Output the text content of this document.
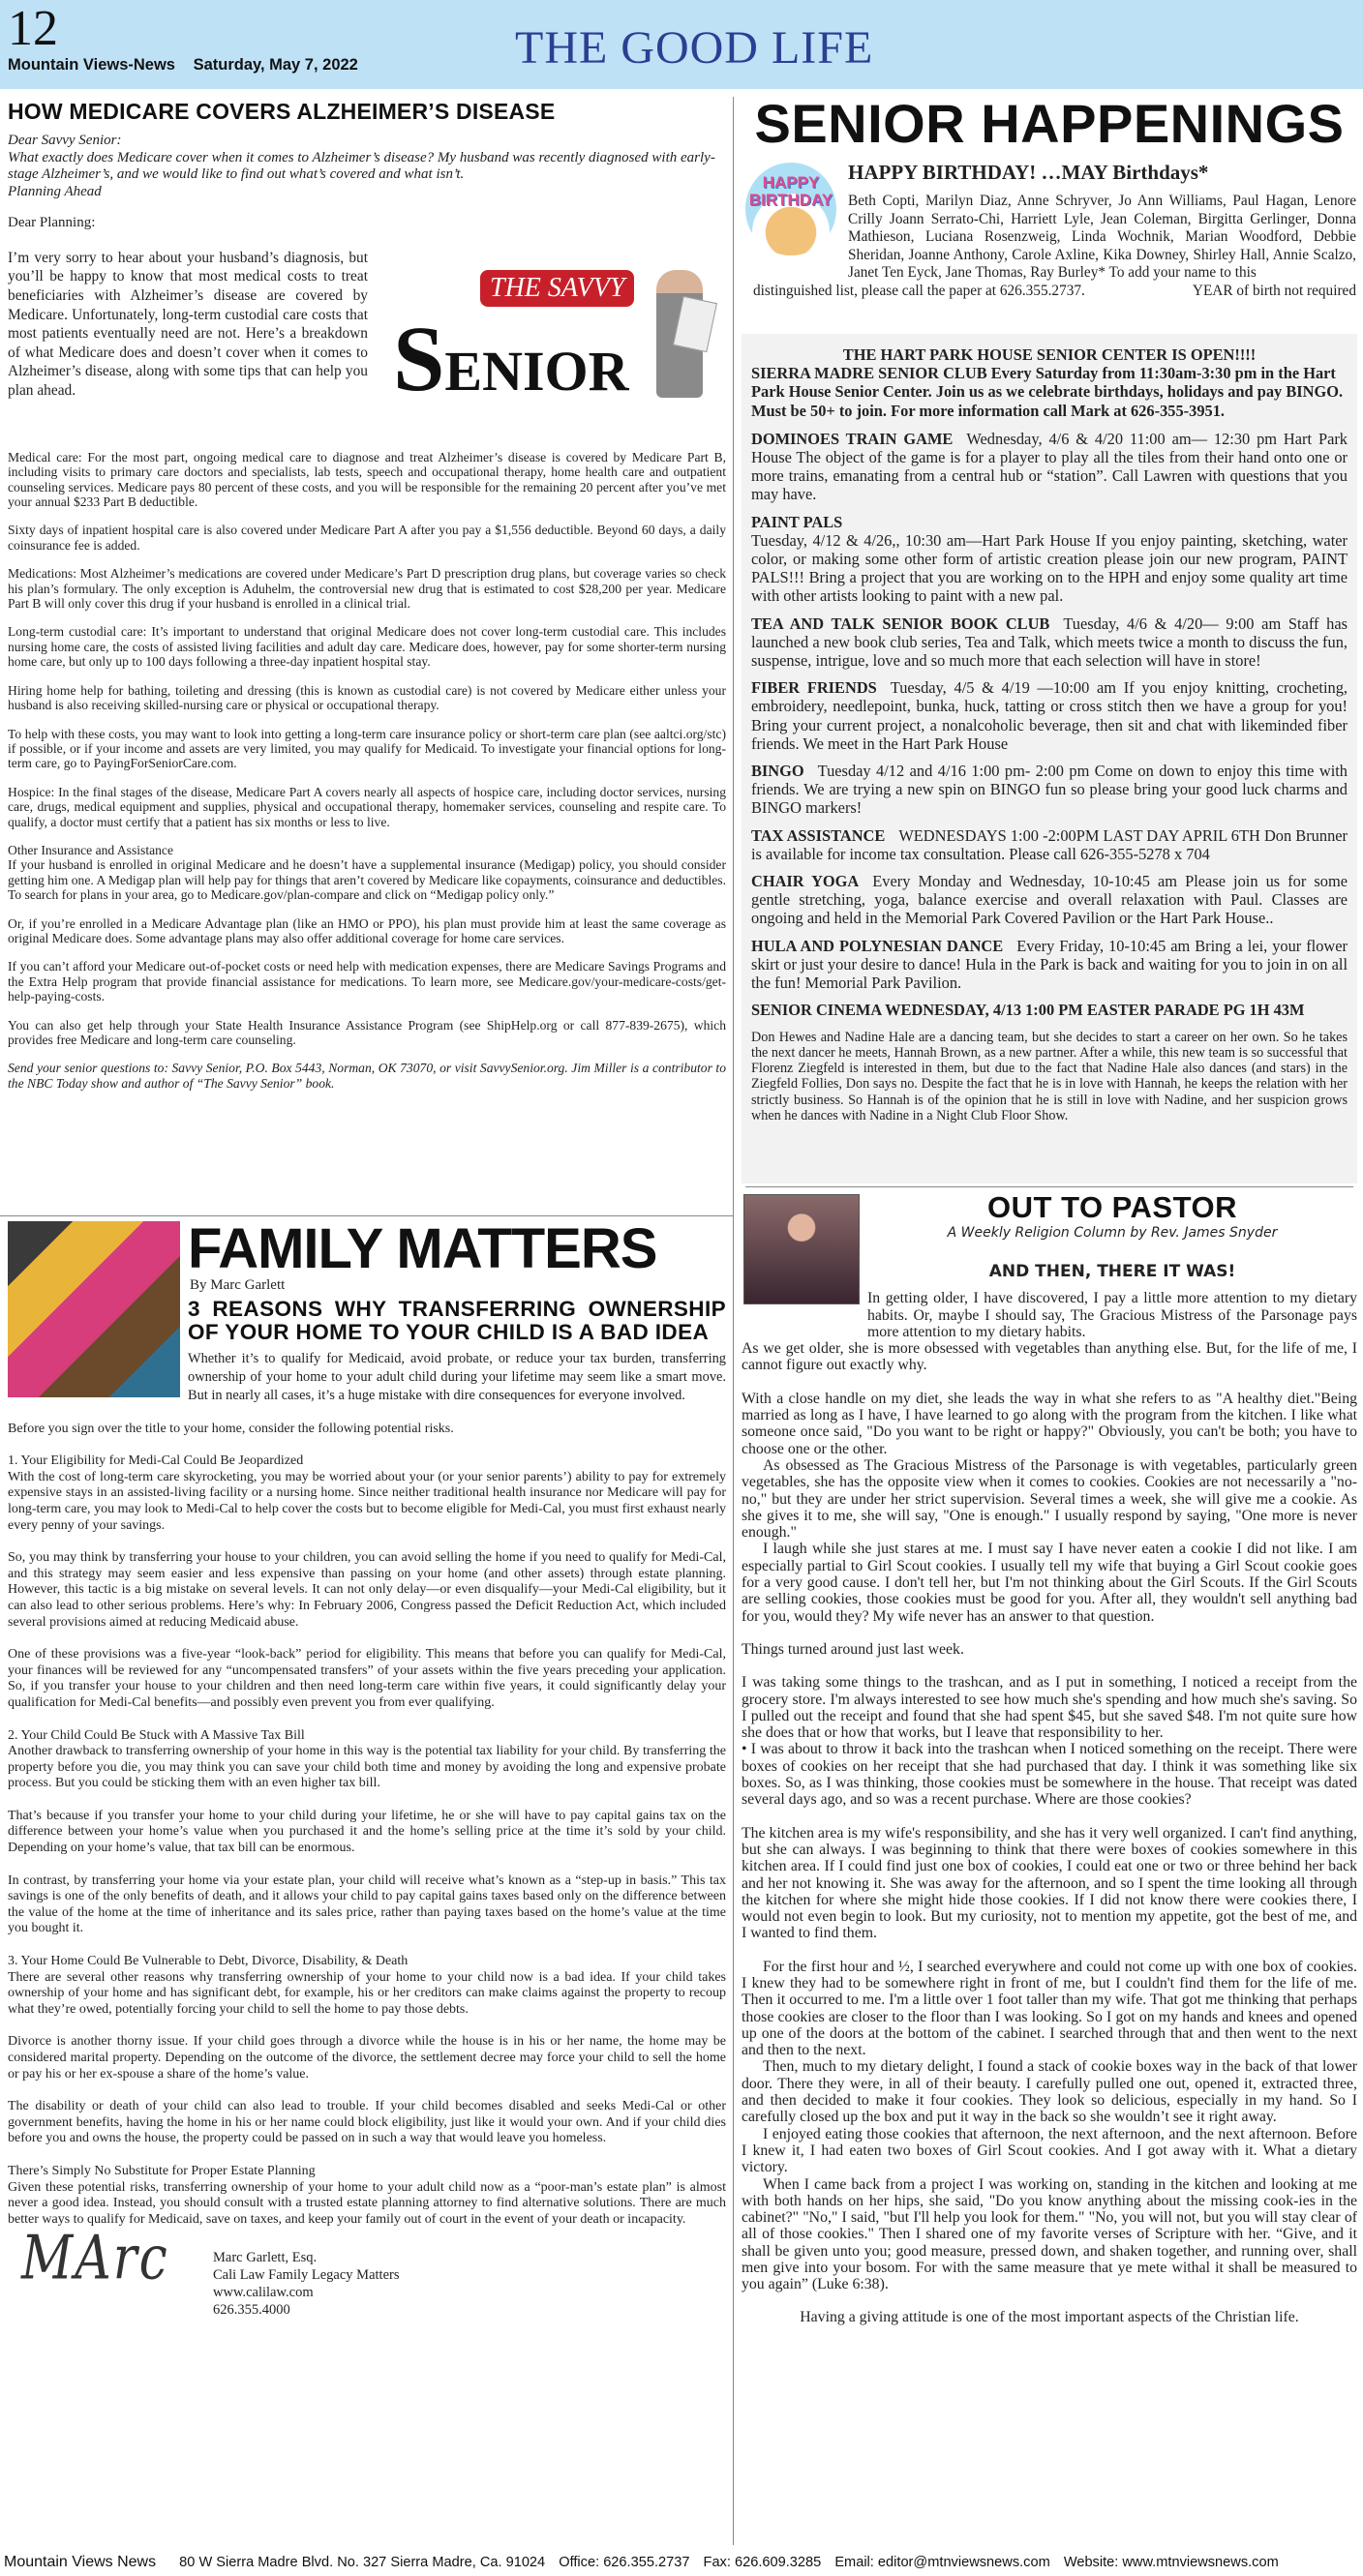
12
Mountain Views-News Saturday, May 7, 2022	THE GOOD LIFE
HOW MEDICARE COVERS ALZHEIMER’S DISEASE
Dear Savvy Senior:
What exactly does Medicare cover when it comes to Alzheimer’s disease? My husband was recently diagnosed with early-stage Alzheimer’s, and we would like to find out what’s covered and what isn’t.
Planning Ahead

Dear Planning:

I’m very sorry to hear about your husband’s diagnosis, but you’ll be happy to know that most medical costs to treat beneficiaries with Alzheimer’s disease are covered by Medicare. Unfortunately, long-term custodial care costs that most patients eventually need are not. Here’s a breakdown of what Medicare does and doesn’t cover when it comes to Alzheimer’s disease, along with some tips that can help you plan ahead.

THE SAVVY
SENIOR

Medical care: For the most part, ongoing medical care to diagnose and treat Alzheimer’s disease is covered by Medicare Part B, including visits to primary care doctors and specialists, lab tests, speech and occupational therapy, home health care and outpatient counseling services. Medicare pays 80 percent of these costs, and you will be responsible for the remaining 20 percent after you’ve met your annual $233 Part B deductible.

Sixty days of inpatient hospital care is also covered under Medicare Part A after you pay a $1,556 deductible. Beyond 60 days, a daily coinsurance fee is added.

Medications: Most Alzheimer’s medications are covered under Medicare’s Part D prescription drug plans, but coverage varies so check his plan’s formulary. The only exception is Aduhelm, the controversial new drug that is estimated to cost $28,200 per year. Medicare Part B will only cover this drug if your husband is enrolled in a clinical trial.

Long-term custodial care: It’s important to understand that original Medicare does not cover long-term custodial care. This includes nursing home care, the costs of assisted living facilities and adult day care. Medicare does, however, pay for some shorter-term nursing home care, but only up to 100 days following a three-day inpatient hospital stay.

Hiring home help for bathing, toileting and dressing (this is known as custodial care) is not covered by Medicare either unless your husband is also receiving skilled-nursing care or physical or occupational therapy.

To help with these costs, you may want to look into getting a long-term care insurance policy or short-term care plan (see aaltci.org/stc) if possible, or if your income and assets are very limited, you may qualify for Medicaid. To investigate your financial options for long-term care, go to PayingForSeniorCare.com.

Hospice: In the final stages of the disease, Medicare Part A covers nearly all aspects of hospice care, including doctor services, nursing care, drugs, medical equipment and supplies, physical and occupational therapy, homemaker services, counseling and respite care. To qualify, a doctor must certify that a patient has six months or less to live.

Other Insurance and Assistance

If your husband is enrolled in original Medicare and he doesn’t have a supplemental insurance (Medigap) policy, you should consider getting him one. A Medigap plan will help pay for things that aren’t covered by Medicare like copayments, coinsurance and deductibles. To search for plans in your area, go to Medicare.gov/plan-compare and click on “Medigap policy only.”

Or, if you’re enrolled in a Medicare Advantage plan (like an HMO or PPO), his plan must provide him at least the same coverage as original Medicare does. Some advantage plans may also offer additional coverage for home care services.

If you can’t afford your Medicare out-of-pocket costs or need help with medication expenses, there are Medicare Savings Programs and the Extra Help program that provide financial assistance for medications. To learn more, see Medicare.gov/your-medicare-costs/get-help-paying-costs.

You can also get help through your State Health Insurance Assistance Program (see ShipHelp.org or call 877-839-2675), which provides free Medicare and long-term care counseling.

Send your senior questions to: Savvy Senior, P.O. Box 5443, Norman, OK 73070, or visit SavvySenior.org. Jim Miller is a contributor to the NBC Today show and author of “The Savvy Senior” book.

FAMILY MATTERS
By Marc Garlett
3 REASONS WHY TRANSFERRING OWNERSHIP OF YOUR HOME TO YOUR CHILD IS A BAD IDEA

Whether it’s to qualify for Medicaid, avoid probate, or reduce your tax burden, transferring ownership of your home to your adult child during your lifetime may seem like a smart move. But in nearly all cases, it’s a huge mistake with dire consequences for everyone involved.

Before you sign over the title to your home, consider the following potential risks.

1. Your Eligibility for Medi-Cal Could Be Jeopardized

With the cost of long-term care skyrocketing, you may be worried about your (or your senior parents’) ability to pay for extremely expensive stays in an assisted-living facility or a nursing home. Since neither traditional health insurance nor Medicare will pay for long-term care, you may look to Medi-Cal to help cover the costs but to become eligible for Medi-Cal, you must first exhaust nearly every penny of your savings.

So, you may think by transferring your house to your children, you can avoid selling the home if you need to qualify for Medi-Cal, and this strategy may seem easier and less expensive than passing on your home (and other assets) through estate planning. However, this tactic is a big mistake on several levels. It can not only delay—or even disqualify—your Medi-Cal eligibility, but it can also lead to other serious problems. Here’s why: In February 2006, Congress passed the Deficit Reduction Act, which included several provisions aimed at reducing Medicaid abuse.

One of these provisions was a five-year “look-back” period for eligibility. This means that before you can qualify for Medi-Cal, your finances will be reviewed for any “uncompensated transfers” of your assets within the five years preceding your application. So, if you transfer your house to your children and then need long-term care within five years, it could significantly delay your qualification for Medi-Cal benefits—and possibly even prevent you from ever qualifying.

2. Your Child Could Be Stuck with A Massive Tax Bill

Another drawback to transferring ownership of your home in this way is the potential tax liability for your child. By transferring the property before you die, you may think you can save your child both time and money by avoiding the long and expensive probate process. But you could be sticking them with an even higher tax bill.

That’s because if you transfer your home to your child during your lifetime, he or she will have to pay capital gains tax on the difference between your home’s value when you purchased it and the home’s selling price at the time it’s sold by your child. Depending on your home’s value, that tax bill can be enormous.

In contrast, by transferring your home via your estate plan, your child will receive what’s known as a “step-up in basis.” This tax savings is one of the only benefits of death, and it allows your child to pay capital gains taxes based only on the difference between the value of the home at the time of inheritance and its sales price, rather than paying taxes based on the home’s value at the time you bought it.

3. Your Home Could Be Vulnerable to Debt, Divorce, Disability, & Death

There are several other reasons why transferring ownership of your home to your child now is a bad idea. If your child takes ownership of your home and has significant debt, for example, his or her creditors can make claims against the property to recoup what they’re owed, potentially forcing your child to sell the home to pay those debts.

Divorce is another thorny issue. If your child goes through a divorce while the house is in his or her name, the home may be considered marital property. Depending on the outcome of the divorce, the settlement decree may force your child to sell the home or pay his or her ex-spouse a share of the home’s value.

The disability or death of your child can also lead to trouble. If your child becomes disabled and seeks Medi-Cal or other government benefits, having the home in his or her name could block eligibility, just like it would your own. And if your child dies before you and owns the house, the property could be passed on in such a way that would leave you homeless.

There’s Simply No Substitute for Proper Estate Planning

Given these potential risks, transferring ownership of your home to your adult child now as a “poor-man’s estate plan” is almost never a good idea. Instead, you should consult with a trusted estate planning attorney to find alternative solutions. There are much better ways to qualify for Medicaid, save on taxes, and keep your family out of court in the event of your death or incapacity.

MArc	Marc Garlett, Esq.
Cali Law Family Legacy Matters
www.calilaw.com
626.355.4000
SENIOR HAPPENINGS
HAPPY BIRTHDAY
HAPPY BIRTHDAY! …MAY Birthdays*
Beth Copti, Marilyn Diaz, Anne Schryver, Jo Ann Williams, Paul Hagan, Lenore Crilly Joann Serrato-Chi, Harriett Lyle, Jean Coleman, Birgitta Gerlinger, Donna Mathieson, Luciana Rosenzweig, Linda Wochnik, Marian Woodford, Debbie Sheridan, Joanne Anthony, Carole Axline, Kika Downey, Shirley Hall, Annie Scalzo, Janet Ten Eyck, Jane Thomas, Ray Burley* To add your name to this
distinguished list, please call the paper at 626.355.2737.	YEAR of birth not required
THE HART PARK HOUSE SENIOR CENTER IS OPEN!!!!
SIERRA MADRE SENIOR CLUB Every Saturday from 11:30am-3:30 pm in the Hart Park House Senior Center. Join us as we celebrate birthdays, holidays and pay BINGO. Must be 50+ to join. For more information call Mark at 626-355-3951.
DOMINOES TRAIN GAME Wednesday, 4/6 & 4/20 11:00 am— 12:30 pm Hart Park House The object of the game is for a player to play all the tiles from their hand onto one or more trains, emanating from a central hub or “station”. Call Lawren with questions that you may have.
PAINT PALS
Tuesday, 4/12 & 4/26,, 10:30 am—Hart Park House If you enjoy painting, sketching, water color, or making some other form of artistic creation please join our new program, PAINT PALS!!! Bring a project that you are working on to the HPH and enjoy some quality art time with other artists looking to paint with a new pal.
TEA AND TALK SENIOR BOOK CLUB Tuesday, 4/6 & 4/20— 9:00 am Staff has launched a new book club series, Tea and Talk, which meets twice a month to discuss the fun, suspense, intrigue, love and so much more that each selection will have in store!
FIBER FRIENDS Tuesday, 4/5 & 4/19 —10:00 am If you enjoy knitting, crocheting, embroidery, needlepoint, bunka, huck, tatting or cross stitch then we have a group for you! Bring your current project, a nonalcoholic beverage, then sit and chat with likeminded fiber friends. We meet in the Hart Park House
BINGO Tuesday 4/12 and 4/16 1:00 pm- 2:00 pm Come on down to enjoy this time with friends. We are trying a new spin on BINGO fun so please bring your good luck charms and BINGO markers!
TAX ASSISTANCE WEDNESDAYS 1:00 -2:00PM LAST DAY APRIL 6TH Don Brunner is available for income tax consultation. Please call 626-355-5278 x 704
CHAIR YOGA Every Monday and Wednesday, 10-10:45 am Please join us for some gentle stretching, yoga, balance exercise and overall relaxation with Paul. Classes are ongoing and held in the Memorial Park Covered Pavilion or the Hart Park House..
HULA AND POLYNESIAN DANCE Every Friday, 10-10:45 am Bring a lei, your flower skirt or just your desire to dance! Hula in the Park is back and waiting for you to join in on all the fun! Memorial Park Pavilion.
SENIOR CINEMA WEDNESDAY, 4/13 1:00 PM EASTER PARADE PG 1H 43M

Don Hewes and Nadine Hale are a dancing team, but she decides to start a career on her own. So he takes the next dancer he meets, Hannah Brown, as a new partner. After a while, this new team is so successful that Florenz Ziegfeld is interested in them, but due to the fact that Nadine Hale also dances (and stars) in the Ziegfeld Follies, Don says no. Despite the fact that he is in love with Hannah, he keeps the relation with her strictly business. So Hannah is of the opinion that he is still in love with Nadine, and her suspicion grows when he dances with Nadine in a Night Club Floor Show.

OUT TO PASTOR
A Weekly Religion Column by Rev. James Snyder
AND THEN, THERE IT WAS!

In getting older, I have discovered, I pay a little more attention to my dietary habits. Or, maybe I should say, The Gracious Mistress of the Parsonage pays more attention to my dietary habits.

As we get older, she is more obsessed with vegetables than anything else. But, for the life of me, I cannot figure out exactly why.

With a close handle on my diet, she leads the way in what she refers to as "A healthy diet."Being married as long as I have, I have learned to go along with the program from the kitchen. I like what someone once said, "Do you want to be right or happy?" Obviously, you can't be both; you have to choose one or the other.

As obsessed as The Gracious Mistress of the Parsonage is with vegetables, particularly green vegetables, she has the opposite view when it comes to cookies. Cookies are not necessarily a "no-no," but they are under her strict supervision. Several times a week, she will give me a cookie. As she gives it to me, she will say, "One is enough." I usually respond by saying, "One more is never enough."

I laugh while she just stares at me. I must say I have never eaten a cookie I did not like. I am especially partial to Girl Scout cookies. I usually tell my wife that buying a Girl Scout cookie goes for a very good cause. I don't tell her, but I'm not thinking about the Girl Scouts. If the Girl Scouts are selling cookies, those cookies must be good for you. After all, they wouldn't sell anything bad for you, would they? My wife never has an answer to that question.

Things turned around just last week.

I was taking some things to the trashcan, and as I put in something, I noticed a receipt from the grocery store. I'm always interested to see how much she's spending and how much she's saving. So I pulled out the receipt and found that she had spent $45, but she saved $48. I'm not quite sure how she does that or how that works, but I leave that responsibility to her.

• I was about to throw it back into the trashcan when I noticed something on the receipt. There were boxes of cookies on her receipt that she had purchased that day. I think it was something like six boxes. So, as I was thinking, those cookies must be somewhere in the house. That receipt was dated several days ago, and so was a recent purchase. Where are those cookies?

The kitchen area is my wife's responsibility, and she has it very well organized. I can't find anything, but she can always. I was beginning to think that there were boxes of cookies somewhere in this kitchen area. If I could find just one box of cookies, I could eat one or two or three behind her back and her not knowing it. She was away for the afternoon, and so I spent the time looking all through the kitchen for where she might hide those cookies. If I did not know there were cookies there, I would not even begin to look. But my curiosity, not to mention my appetite, got the best of me, and I wanted to find them.

For the first hour and ½, I searched everywhere and could not come up with one box of cookies. I knew they had to be somewhere right in front of me, but I couldn't find them for the life of me. Then it occurred to me. I'm a little over 1 foot taller than my wife. That got me thinking that perhaps those cookies are closer to the floor than I was looking. So I got on my hands and knees and opened up one of the doors at the bottom of the cabinet. I searched through that and then went to the next and then to the next.

Then, much to my dietary delight, I found a stack of cookie boxes way in the back of that lower door. There they were, in all of their beauty. I carefully pulled one out, opened it, extracted three, and then decided to make it four cookies. They look so delicious, especially in my hand. So I carefully closed up the box and put it way in the back so she wouldn’t see it right away.

I enjoyed eating those cookies that afternoon, the next afternoon, and the next afternoon. Before I knew it, I had eaten two boxes of Girl Scout cookies. And I got away with it. What a dietary victory.

When I came back from a project I was working on, standing in the kitchen and looking at me with both hands on her hips, she said, "Do you know anything about the missing cook-ies in the cabinet?" "No," I said, "but I'll help you look for them." "No, you will not, but you will stay clear of all of those cookies." Then I shared one of my favorite verses of Scripture with her. “Give, and it shall be given unto you; good measure, pressed down, and shaken together, and running over, shall men give into your bosom. For with the same measure that ye mete withal it shall be measured to you again” (Luke 6:38).

Having a giving attitude is one of the most important aspects of the Christian life.

Mountain Views News 80 W Sierra Madre Blvd. No. 327 Sierra Madre, Ca. 91024 Office: 626.355.2737 Fax: 626.609.3285 Email: editor@mtnviewsnews.com Website: www.mtnviewsnews.com
